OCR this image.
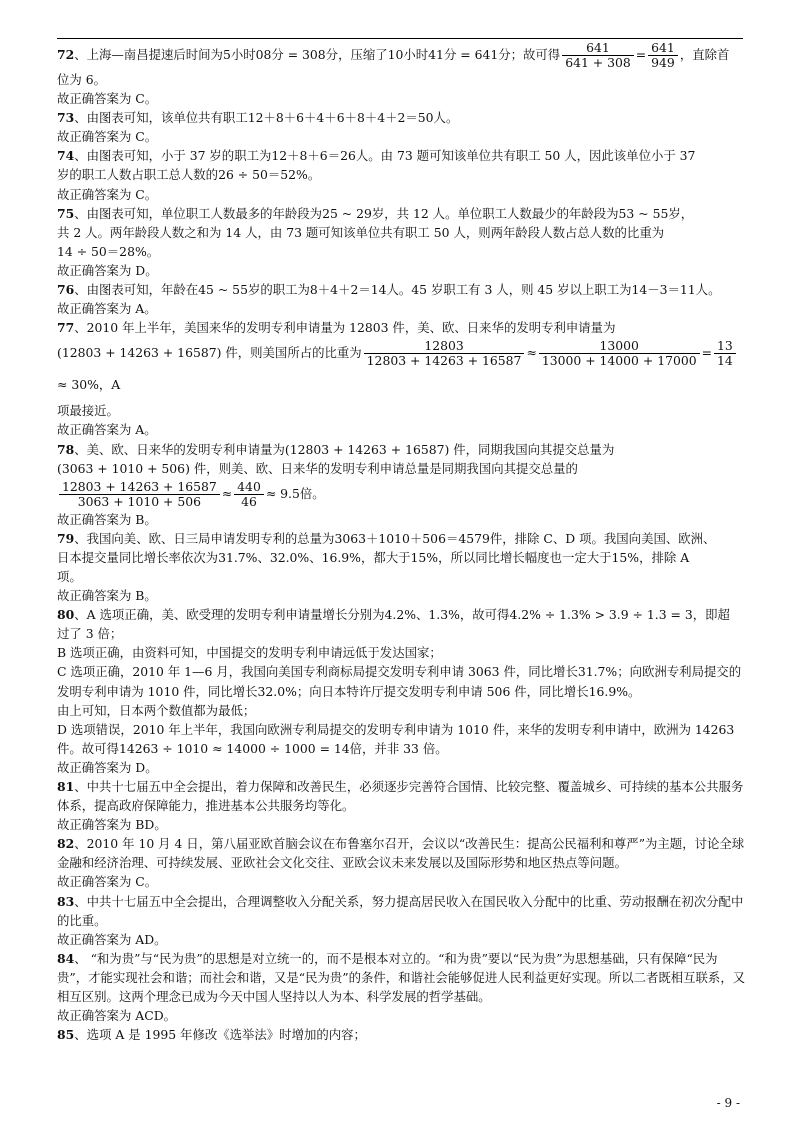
72、上海—南昌提速后时间为5小时08分 = 308分，压缩了10小时41分 = 641分；故可得 $\frac{641}{641 + 308} = \frac{641}{949}$ ，直除首

位为 6。

故正确答案为 C。

73、由图表可知，该单位共有职工12＋8＋6＋4＋6＋8＋4＋2＝50人。

故正确答案为 C。

74、由图表可知，小于 37 岁的职工为12＋8＋6＝26人。由 73 题可知该单位共有职工 50 人，因此该单位小于 37

岁的职工人数占职工总人数的26 ÷ 50＝52%。

故正确答案为 C。

75、由图表可知，单位职工人数最多的年龄段为25 ~ 29岁，共 12 人。单位职工人数最少的年龄段为53 ~ 55岁，

共 2 人。两年龄段人数之和为 14 人，由 73 题可知该单位共有职工 50 人，则两年龄段人数占总人数的比重为

14 ÷ 50＝28%。

故正确答案为 D。

76、由图表可知，年龄在45 ~ 55岁的职工为8＋4＋2＝14人。45 岁职工有 3 人，则 45 岁以上职工为14－3＝11人。

故正确答案为 A。

77、2010 年上半年，美国来华的发明专利申请量为 12803 件，美、欧、日来华的发明专利申请量为

(12803 + 14263 + 16587) 件，则美国所占的比重为 $\frac{12803}{12803 + 14263 + 16587} \approx \frac{13000}{13000 + 14000 + 17000} = \frac{13}{14}$
≈ 30%，A

项最接近。

故正确答案为 A。

78、美、欧、日来华的发明专利申请量为(12803 + 14263 + 16587) 件，同期我国向其提交总量为

(3063 + 1010 + 506) 件，则美、欧、日来华的发明专利申请总量是同期我国向其提交总量的

$\frac{12803 + 14263 + 16587}{3063 + 1010 + 506} \approx \frac{440}{46} \approx 9.5$倍。

故正确答案为 B。

79、我国向美、欧、日三局申请发明专利的总量为3063＋1010＋506＝4579件，排除 C、D 项。我国向美国、欧洲、

日本提交量同比增长率依次为31.7%、32.0%、16.9%，都大于15%，所以同比增长幅度也一定大于15%，排除 A

项。

故正确答案为 B。

80、A 选项正确，美、欧受理的发明专利申请量增长分别为4.2%、1.3%，故可得4.2% ÷ 1.3% > 3.9 ÷ 1.3 = 3，即超

过了 3 倍；

B 选项正确，由资料可知，中国提交的发明专利申请远低于发达国家；

C 选项正确，2010 年 1—6 月，我国向美国专利商标局提交发明专利申请 3063 件，同比增长31.7%；向欧洲专利局提交的发明专利申请为 1010 件，同比增长32.0%；向日本特许厅提交发明专利申请 506 件，同比增长16.9%。

由上可知，日本两个数值都为最低；

D 选项错误，2010 年上半年，我国向欧洲专利局提交的发明专利申请为 1010 件，来华的发明专利申请中，欧洲为 14263 件。故可得14263 ÷ 1010 ≈ 14000 ÷ 1000 = 14倍，并非 33 倍。

故正确答案为 D。

81、中共十七届五中全会提出，着力保障和改善民生，必须逐步完善符合国情、比较完整、覆盖城乡、可持续的基本公共服务体系，提高政府保障能力，推进基本公共服务均等化。

故正确答案为 BD。

82、2010 年 10 月 4 日，第八届亚欧首脑会议在布鲁塞尔召开，会议以“改善民生：提高公民福利和尊严”为主题，讨论全球金融和经济治理、可持续发展、亚欧社会文化交往、亚欧会议未来发展以及国际形势和地区热点等问题。

故正确答案为 C。

83、中共十七届五中全会提出，合理调整收入分配关系，努力提高居民收入在国民收入分配中的比重、劳动报酬在初次分配中的比重。

故正确答案为 AD。

84、 “和为贵”与“民为贵”的思想是对立统一的，而不是根本对立的。“和为贵”要以“民为贵”为思想基础，只有保障“民为贵”，才能实现社会和谐；而社会和谐，又是“民为贵”的条件，和谐社会能够促进人民利益更好实现。所以二者既相互联系，又相互区别。这两个理念已成为今天中国人坚持以人为本、科学发展的哲学基础。

故正确答案为 ACD。

85、选项 A 是 1995 年修改《选举法》时增加的内容；

- 9 -
